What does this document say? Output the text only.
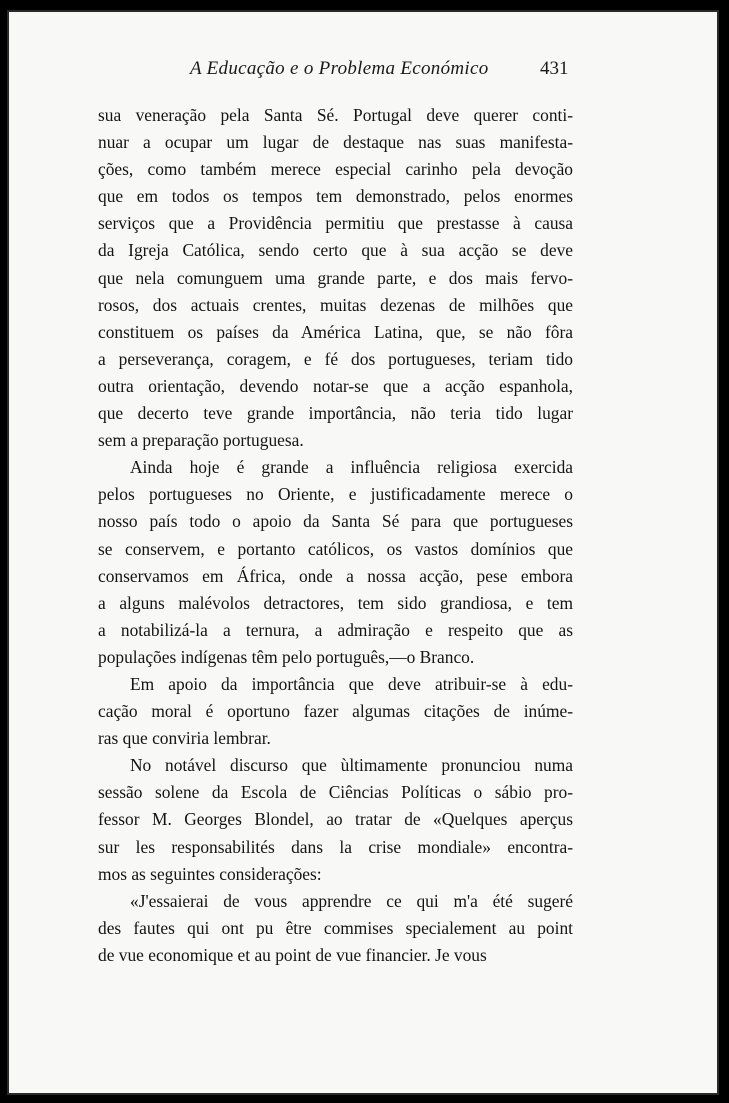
A Educação e o Problema Económico	431
sua veneração pela Santa Sé. Portugal deve querer conti-
nuar a ocupar um lugar de destaque nas suas manifesta-
ções, como também merece especial carinho pela devoção
que em todos os tempos tem demonstrado, pelos enormes
serviços que a Providência permitiu que prestasse à causa
da Igreja Católica, sendo certo que à sua acção se deve
que nela comunguem uma grande parte, e dos mais fervo-
rosos, dos actuais crentes, muitas dezenas de milhões que
constituem os países da América Latina, que, se não fôra
a perseverança, coragem, e fé dos portugueses, teriam tido
outra orientação, devendo notar-se que a acção espanhola,
que decerto teve grande importância, não teria tido lugar
sem a preparação portuguesa.
Ainda hoje é grande a influência religiosa exercida
pelos portugueses no Oriente, e justificadamente merece o
nosso país todo o apoio da Santa Sé para que portugueses
se conservem, e portanto católicos, os vastos domínios que
conservamos em África, onde a nossa acção, pese embora
a alguns malévolos detractores, tem sido grandiosa, e tem
a notabilizá-la a ternura, a admiração e respeito que as
populações indígenas têm pelo português,—o Branco.
Em apoio da importância que deve atribuir-se à edu-
cação moral é oportuno fazer algumas citações de inúme-
ras que conviria lembrar.
No notável discurso que ùltimamente pronunciou numa
sessão solene da Escola de Ciências Políticas o sábio pro-
fessor M. Georges Blondel, ao tratar de «Quelques aperçus
sur les responsabilités dans la crise mondiale» encontra-
mos as seguintes considerações:
«J'essaierai de vous apprendre ce qui m'a été sugeré
des fautes qui ont pu être commises specialement au point
de vue economique et au point de vue financier. Je vous
